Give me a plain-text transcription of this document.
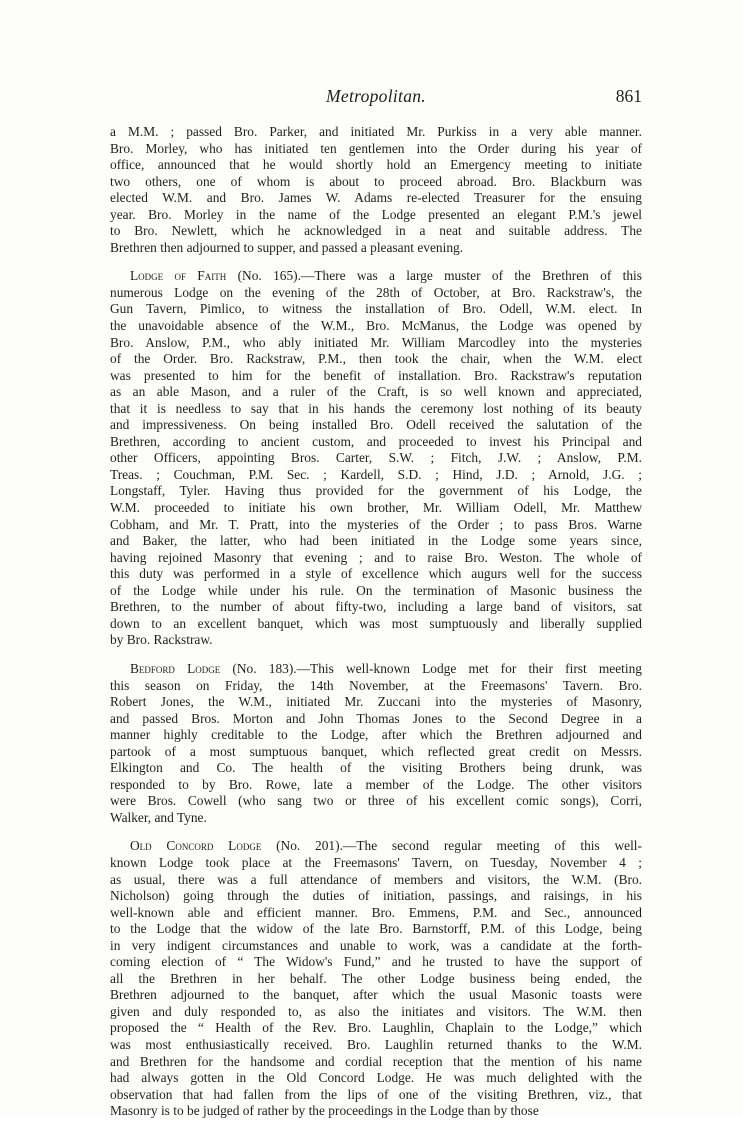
Metropolitan.	861

a M.M. ; passed Bro. Parker, and initiated Mr. Purkiss in a very able manner.
Bro. Morley, who has initiated ten gentlemen into the Order during his year of
office, announced that he would shortly hold an Emergency meeting to initiate
two others, one of whom is about to proceed abroad. Bro. Blackburn was
elected W.M. and Bro. James W. Adams re-elected Treasurer for the ensuing
year. Bro. Morley in the name of the Lodge presented an elegant P.M.'s jewel
to Bro. Newlett, which he acknowledged in a neat and suitable address. The
Brethren then adjourned to supper, and passed a pleasant evening.

Lodge of Faith (No. 165).—There was a large muster of the Brethren of this
numerous Lodge on the evening of the 28th of October, at Bro. Rackstraw's, the
Gun Tavern, Pimlico, to witness the installation of Bro. Odell, W.M. elect. In
the unavoidable absence of the W.M., Bro. McManus, the Lodge was opened by
Bro. Anslow, P.M., who ably initiated Mr. William Marcodley into the mysteries
of the Order. Bro. Rackstraw, P.M., then took the chair, when the W.M. elect
was presented to him for the benefit of installation. Bro. Rackstraw's reputation
as an able Mason, and a ruler of the Craft, is so well known and appreciated,
that it is needless to say that in his hands the ceremony lost nothing of its beauty
and impressiveness. On being installed Bro. Odell received the salutation of the
Brethren, according to ancient custom, and proceeded to invest his Principal and
other Officers, appointing Bros. Carter, S.W. ; Fitch, J.W. ; Anslow, P.M.
Treas. ; Couchman, P.M. Sec. ; Kardell, S.D. ; Hind, J.D. ; Arnold, J.G. ;
Longstaff, Tyler. Having thus provided for the government of his Lodge, the
W.M. proceeded to initiate his own brother, Mr. William Odell, Mr. Matthew
Cobham, and Mr. T. Pratt, into the mysteries of the Order ; to pass Bros. Warne
and Baker, the latter, who had been initiated in the Lodge some years since,
having rejoined Masonry that evening ; and to raise Bro. Weston. The whole of
this duty was performed in a style of excellence which augurs well for the success
of the Lodge while under his rule. On the termination of Masonic business the
Brethren, to the number of about fifty-two, including a large band of visitors, sat
down to an excellent banquet, which was most sumptuously and liberally supplied
by Bro. Rackstraw.

Bedford Lodge (No. 183).—This well-known Lodge met for their first meeting
this season on Friday, the 14th November, at the Freemasons' Tavern. Bro.
Robert Jones, the W.M., initiated Mr. Zuccani into the mysteries of Masonry,
and passed Bros. Morton and John Thomas Jones to the Second Degree in a
manner highly creditable to the Lodge, after which the Brethren adjourned and
partook of a most sumptuous banquet, which reflected great credit on Messrs.
Elkington and Co. The health of the visiting Brothers being drunk, was
responded to by Bro. Rowe, late a member of the Lodge. The other visitors
were Bros. Cowell (who sang two or three of his excellent comic songs), Corri,
Walker, and Tyne.

Old Concord Lodge (No. 201).—The second regular meeting of this well-
known Lodge took place at the Freemasons' Tavern, on Tuesday, November 4 ;
as usual, there was a full attendance of members and visitors, the W.M. (Bro.
Nicholson) going through the duties of initiation, passings, and raisings, in his
well-known able and efficient manner. Bro. Emmens, P.M. and Sec., announced
to the Lodge that the widow of the late Bro. Barnstorff, P.M. of this Lodge, being
in very indigent circumstances and unable to work, was a candidate at the forth-
coming election of “ The Widow's Fund,” and he trusted to have the support of
all the Brethren in her behalf. The other Lodge business being ended, the
Brethren adjourned to the banquet, after which the usual Masonic toasts were
given and duly responded to, as also the initiates and visitors. The W.M. then
proposed the “ Health of the Rev. Bro. Laughlin, Chaplain to the Lodge,” which
was most enthusiastically received. Bro. Laughlin returned thanks to the W.M.
and Brethren for the handsome and cordial reception that the mention of his name
had always gotten in the Old Concord Lodge. He was much delighted with the
observation that had fallen from the lips of one of the visiting Brethren, viz., that
Masonry is to be judged of rather by the proceedings in the Lodge than by those
